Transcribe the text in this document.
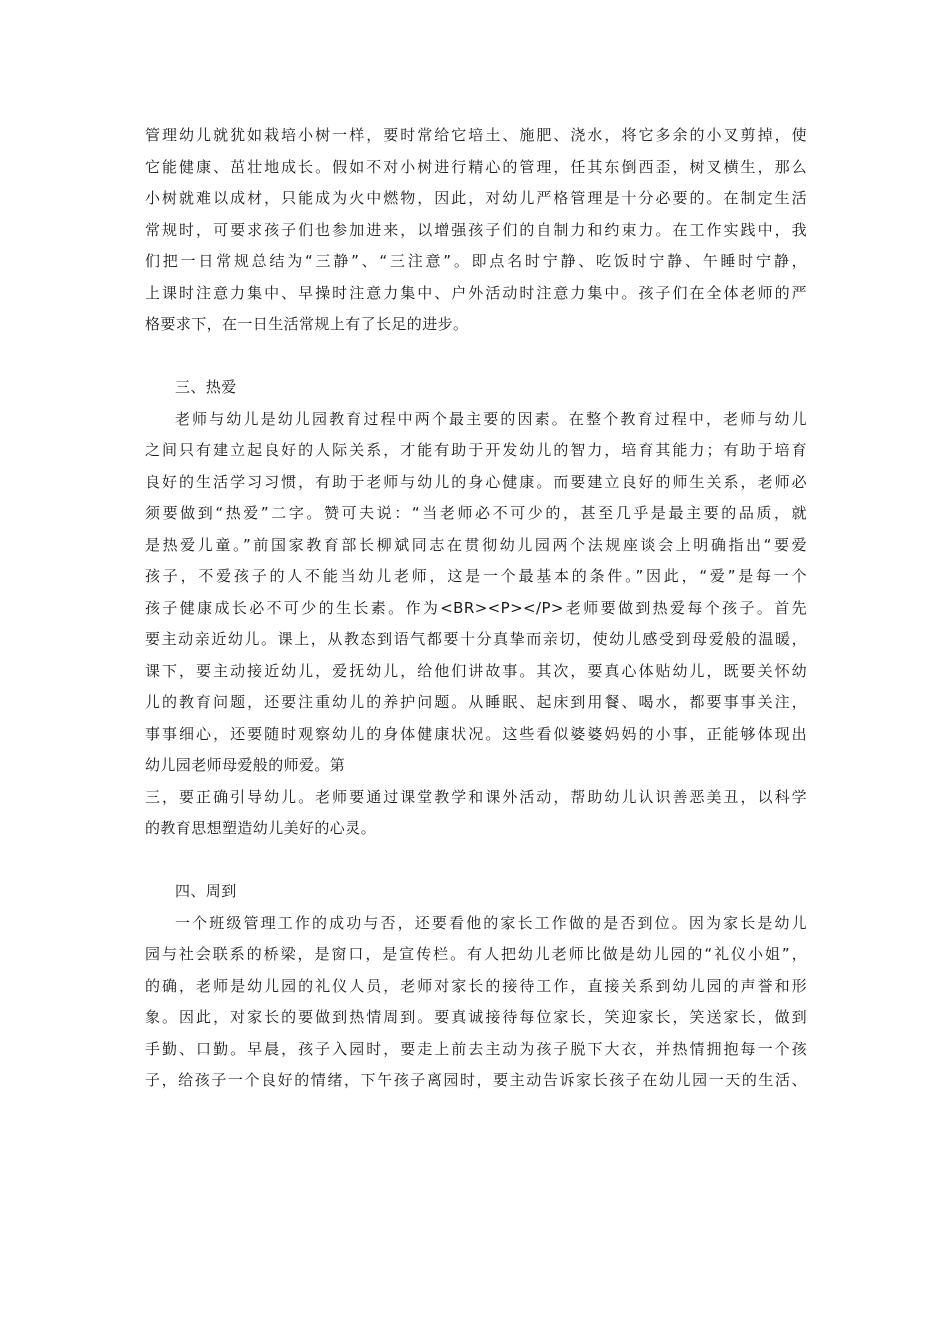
管理幼儿就犹如栽培小树一样，要时常给它培土、施肥、浇水，将它多余的小叉剪掉，使
它能健康、茁壮地成长。假如不对小树进行精心的管理，任其东倒西歪，树叉横生，那么
小树就难以成材，只能成为火中燃物，因此，对幼儿严格管理是十分必要的。在制定生活
常规时，可要求孩子们也参加进来，以增强孩子们的自制力和约束力。在工作实践中，我
们把一日常规总结为“三静”、“三注意”。即点名时宁静、吃饭时宁静、午睡时宁静，
上课时注意力集中、早操时注意力集中、户外活动时注意力集中。孩子们在全体老师的严
格要求下，在一日生活常规上有了长足的进步。
三、热爱
老师与幼儿是幼儿园教育过程中两个最主要的因素。在整个教育过程中，老师与幼儿
之间只有建立起良好的人际关系，才能有助于开发幼儿的智力，培育其能力；有助于培育
良好的生活学习习惯，有助于老师与幼儿的身心健康。而要建立良好的师生关系，老师必
须要做到“热爱”二字。赞可夫说：“当老师必不可少的，甚至几乎是最主要的品质，就
是热爱儿童。”前国家教育部长柳斌同志在贯彻幼儿园两个法规座谈会上明确指出“要爱
孩子，不爱孩子的人不能当幼儿老师，这是一个最基本的条件。”因此，“爱”是每一个
孩子健康成长必不可少的生长素。作为<BR><P></P>老师要做到热爱每个孩子。首先
要主动亲近幼儿。课上，从教态到语气都要十分真挚而亲切，使幼儿感受到母爱般的温暖，
课下，要主动接近幼儿，爱抚幼儿，给他们讲故事。其次，要真心体贴幼儿，既要关怀幼
儿的教育问题，还要注重幼儿的养护问题。从睡眠、起床到用餐、喝水，都要事事关注，
事事细心，还要随时观察幼儿的身体健康状况。这些看似婆婆妈妈的小事，正能够体现出
幼儿园老师母爱般的师爱。第
三，要正确引导幼儿。老师要通过课堂教学和课外活动，帮助幼儿认识善恶美丑，以科学
的教育思想塑造幼儿美好的心灵。
四、周到
一个班级管理工作的成功与否，还要看他的家长工作做的是否到位。因为家长是幼儿
园与社会联系的桥梁，是窗口，是宣传栏。有人把幼儿老师比做是幼儿园的“礼仪小姐”，
的确，老师是幼儿园的礼仪人员，老师对家长的接待工作，直接关系到幼儿园的声誉和形
象。因此，对家长的要做到热情周到。要真诚接待每位家长，笑迎家长，笑送家长，做到
手勤、口勤。早晨，孩子入园时，要走上前去主动为孩子脱下大衣，并热情拥抱每一个孩
子，给孩子一个良好的情绪，下午孩子离园时，要主动告诉家长孩子在幼儿园一天的生活、
